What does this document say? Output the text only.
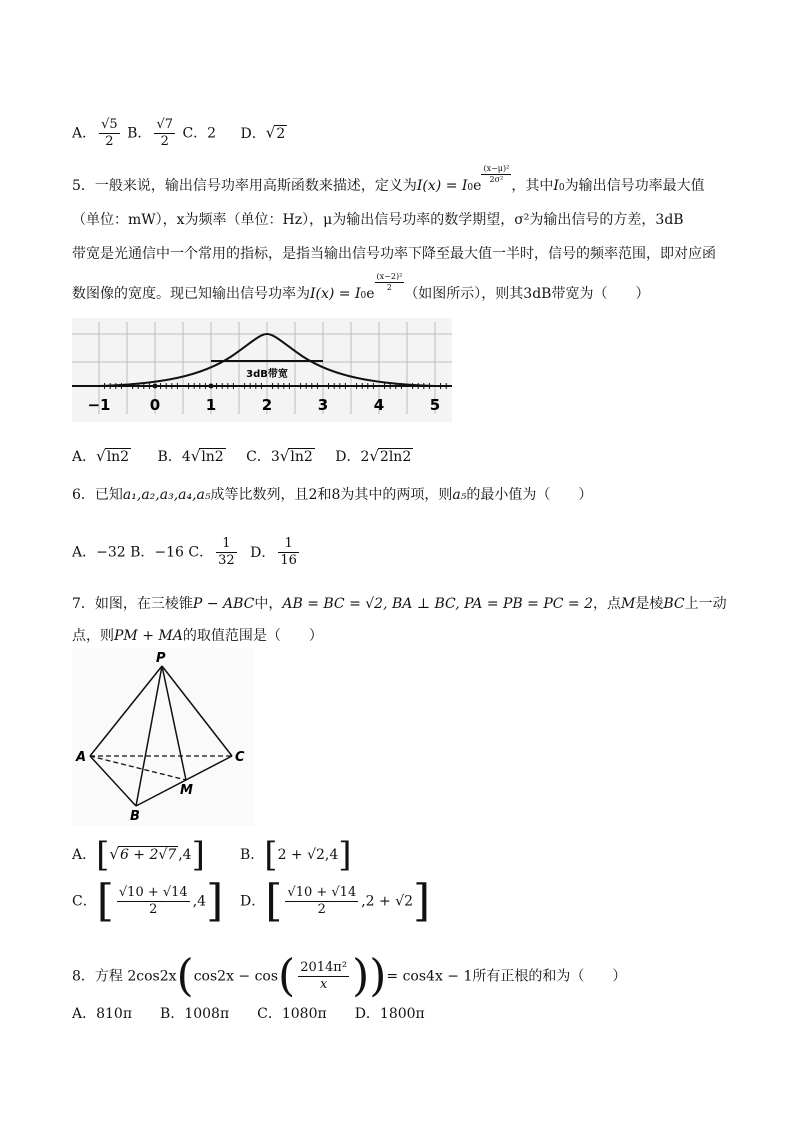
A． $\frac{√5}{2}$ B． $\frac{√7}{2}$ C．2 D．√2
5．一般来说，输出信号功率用高斯函数来描述，定义为I(x) = I0e
$\frac{\text{(x−μ)²}}{\text{2σ²}}$
，其中I0为输出信号功率最大值
（单位：mW），x为频率（单位：Hz），μ为输出信号功率的数学期望，σ²为输出信号的方差，3dB
带宽是光通信中一个常用的指标，是指当输出信号功率下降至最大值一半时，信号的频率范围，即对应函
数图像的宽度。现已知输出信号功率为I(x) = I0e
$\frac{\text{(x−2)²}}{2}$
（如图所示），则其3dB带宽为（　　）
3dB带宽
−1	0	1	2	3	4	5
A．√ln2 B．4√ln2 C．3√ln2 D．2√2ln2
6．已知a₁,a₂,a₃,a₄,a₅成等比数列，且2和8为其中的两项，则a₅的最小值为（　　）
A．−32 B．−16 C． $\frac{1}{32}$ D． $\frac{1}{16}$
7．如图，在三棱锥P − ABC中，AB = BC = √2, BA ⊥ BC, PA = PB = PC = 2，点M是棱BC上一动
点，则PM + MA的取值范围是（　　）
P
A
B
C
M
A．[√6 + 2√7 ,4]	B．[2 + √2,4]
C．[ $\frac{√10 + √14}{2} ,4$] D．[ $\frac{√10 + √14}{2} ,2 + √2$]
8．方程 $2\cos 2x(\cos 2x - \cos( \frac{\text{2014π²}}{x}$ ))= cos4x − 1所有正根的和为（　　）
A．810π　　B．1008π　　C．1080π　　D．1800π
